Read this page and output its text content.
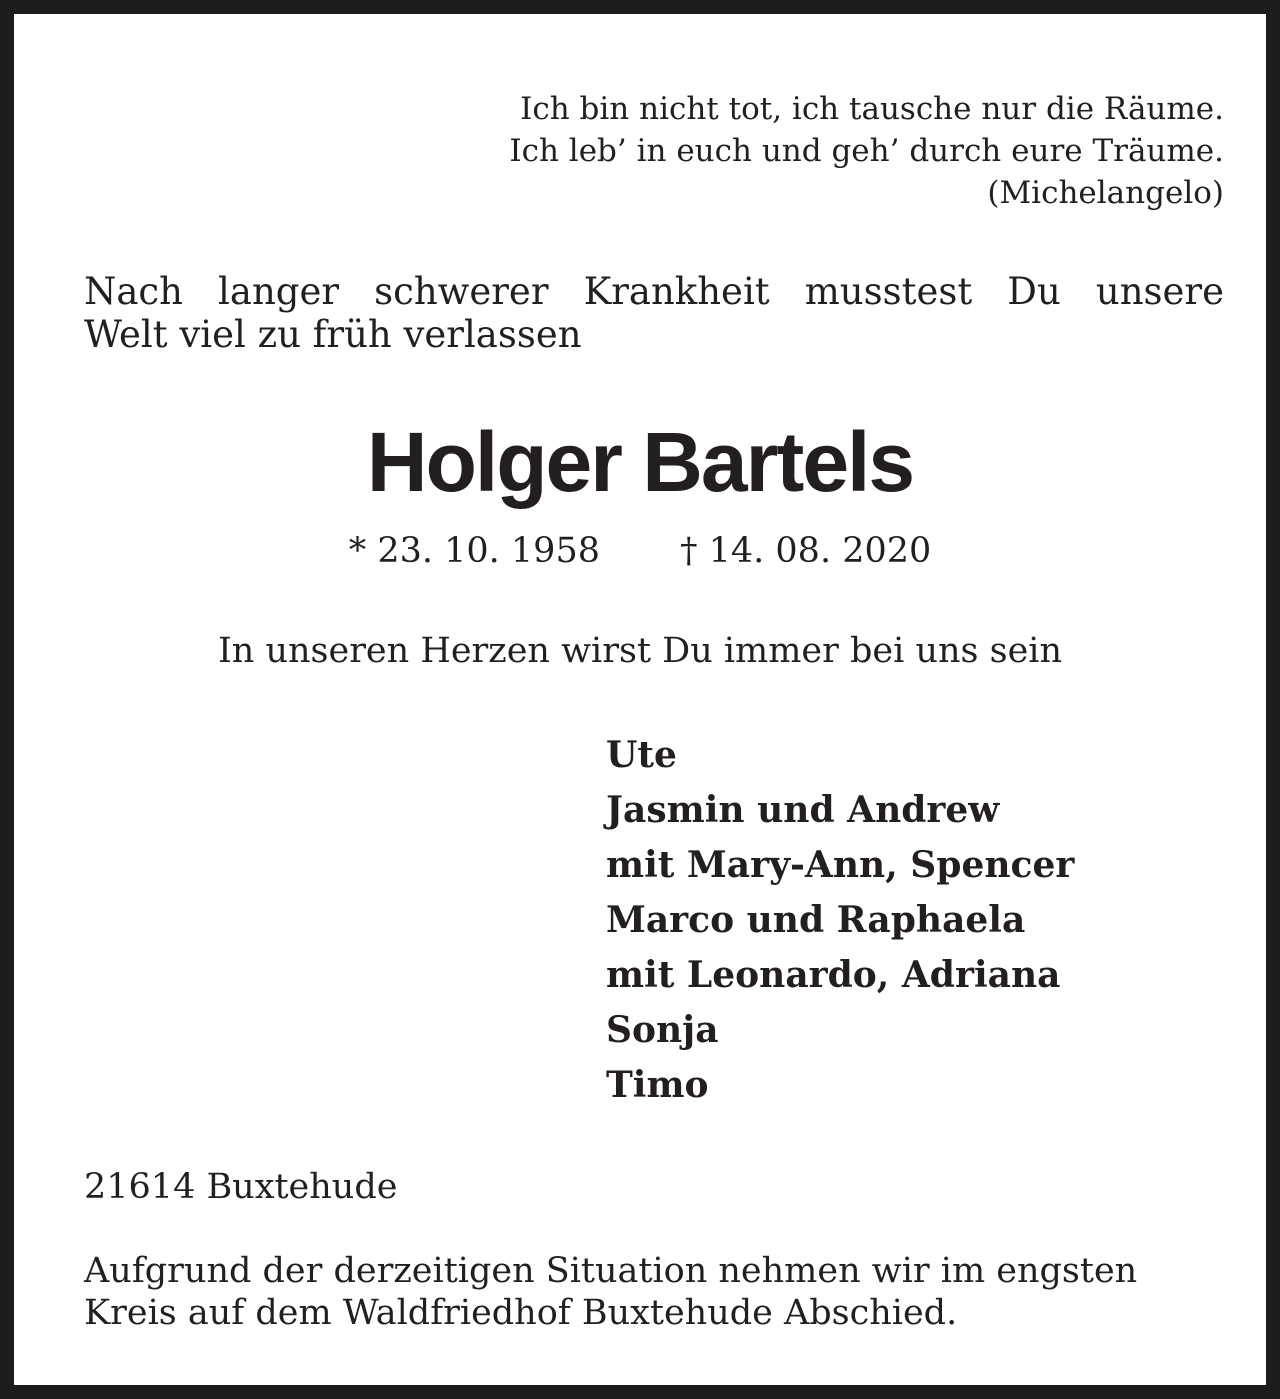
Ich bin nicht tot, ich tausche nur die Räume.
Ich leb’ in euch und geh’ durch eure Träume.
(Michelangelo)
Nach langer schwerer Krankheit musstest Du unsere
Welt viel zu früh verlassen
Holger Bartels
* 23. 10. 1958 † 14. 08. 2020
In unseren Herzen wirst Du immer bei uns sein
Ute
Jasmin und Andrew
mit Mary-Ann, Spencer
Marco und Raphaela
mit Leonardo, Adriana
Sonja
Timo
21614 Buxtehude
Aufgrund der derzeitigen Situation nehmen wir im engsten
Kreis auf dem Waldfriedhof Buxtehude Abschied.
